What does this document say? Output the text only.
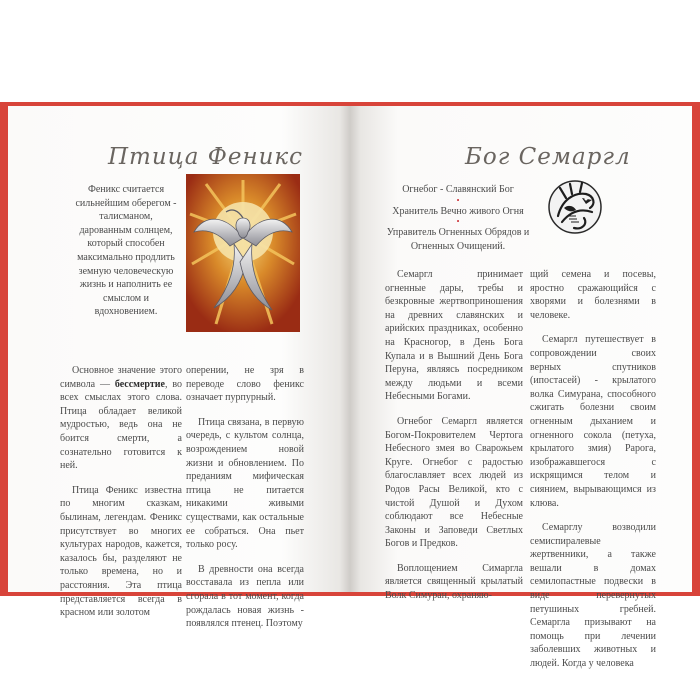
Птица Феникс
Феникс считается сильнейшим оберегом - талисманом, дарованным солнцем, который способен максимально продлить земную человеческую жизнь и наполнить ее смыслом и вдохновением.

Основное значение этого символа — бессмертие, во всех смыслах этого слова. Птица обладает великой мудростью, ведь она не боится смерти, а сознательно готовится к ней.

Птица Феникс известна по многим сказкам, былинам, легендам. Феникс присутствует во многих культурах народов, кажется, казалось бы, разделяют не только времена, но и расстояния. Эта птица представляется всегда в красном или золотом

оперении, не зря в переводе слово феникс означает пурпурный.

Птица связана, в первую очередь, с культом солнца, возрождением новой жизни и обновлением. По преданиям мифическая птица не питается никакими живыми существами, как остальные ее собраться. Она пьет только росу.

В древности она всегда восставала из пепла или сгорала в тот момент, когда рождалась новая жизнь - появлялся птенец. Поэтому

Бог Семаргл
Огнебог - Славянский Бог
•
Хранитель Вечно живого Огня
•
Управитель Огненных Обрядов и Огненных Очищений.

Семаргл принимает огненные дары, требы и безкровные жертвоприношения на древних славянских и арийских праздниках, особенно на Красногор, в День Бога Купала и в Вышний День Бога Перуна, являясь посредником между людьми и всеми Небесными Богами.

Огнебог Семаргл является Богом-Покровителем Чертога Небесного змея во Сварожьем Круге. Огнебог с радостью благославляет всех людей из Родов Расы Великой, кто с чистой Душой и Духом соблюдают все Небесные Законы и Заповеди Светлых Богов и Предков.

Воплощением Симаргла является священный крылатый Волк Симуран, охраняю-

щий семена и посевы, яростно сражающийся с хворями и болезнями в человеке.

Семаргл путешествует в сопровождении своих верных спутников (ипостасей) - крылатого волка Симурана, способного сжигать болезни своим огненным дыханием и огненного сокола (петуха, крылатого змия) Рарога, изображавшегося с искрящимся телом и сиянием, вырывающимся из клюва.

Семарглу возводили семиспиралевые жертвенники, а также вешали в домах семилопастные подвески в виде перевернутых петушиных гребней. Семаргла призывают на помощь при лечении заболевших животных и людей. Когда у человека
